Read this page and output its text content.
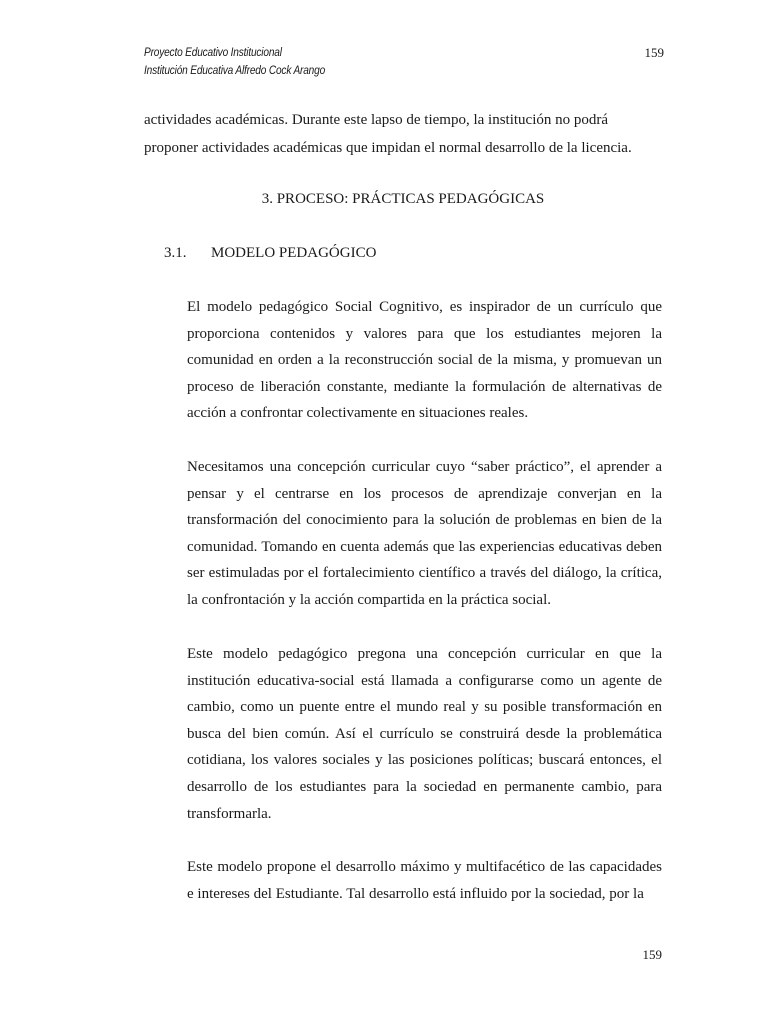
Proyecto Educativo Institucional
Institución Educativa Alfredo Cock Arango
159

actividades académicas. Durante este lapso de tiempo, la institución no podrá proponer actividades académicas que impidan el normal desarrollo de la licencia.

3. PROCESO: PRÁCTICAS PEDAGÓGICAS
3.1. MODELO PEDAGÓGICO

El modelo pedagógico Social Cognitivo, es inspirador de un currículo que proporciona contenidos y valores para que los estudiantes mejoren la comunidad en orden a la reconstrucción social de la misma, y promuevan un proceso de liberación constante, mediante la formulación de alternativas de acción a confrontar colectivamente en situaciones reales.

Necesitamos una concepción curricular cuyo “saber práctico”, el aprender a pensar y el centrarse en los procesos de aprendizaje converjan en la transformación del conocimiento para la solución de problemas en bien de la comunidad. Tomando en cuenta además que las experiencias educativas deben ser estimuladas por el fortalecimiento científico a través del diálogo, la crítica, la confrontación y la acción compartida en la práctica social.

Este modelo pedagógico pregona una concepción curricular en que la institución educativa-social está llamada a configurarse como un agente de cambio, como un puente entre el mundo real y su posible transformación en busca del bien común. Así el currículo se construirá desde la problemática cotidiana, los valores sociales y las posiciones políticas; buscará entonces, el desarrollo de los estudiantes para la sociedad en permanente cambio, para transformarla.

Este modelo propone el desarrollo máximo y multifacético de las capacidades e intereses del Estudiante. Tal desarrollo está influido por la sociedad, por la

159
